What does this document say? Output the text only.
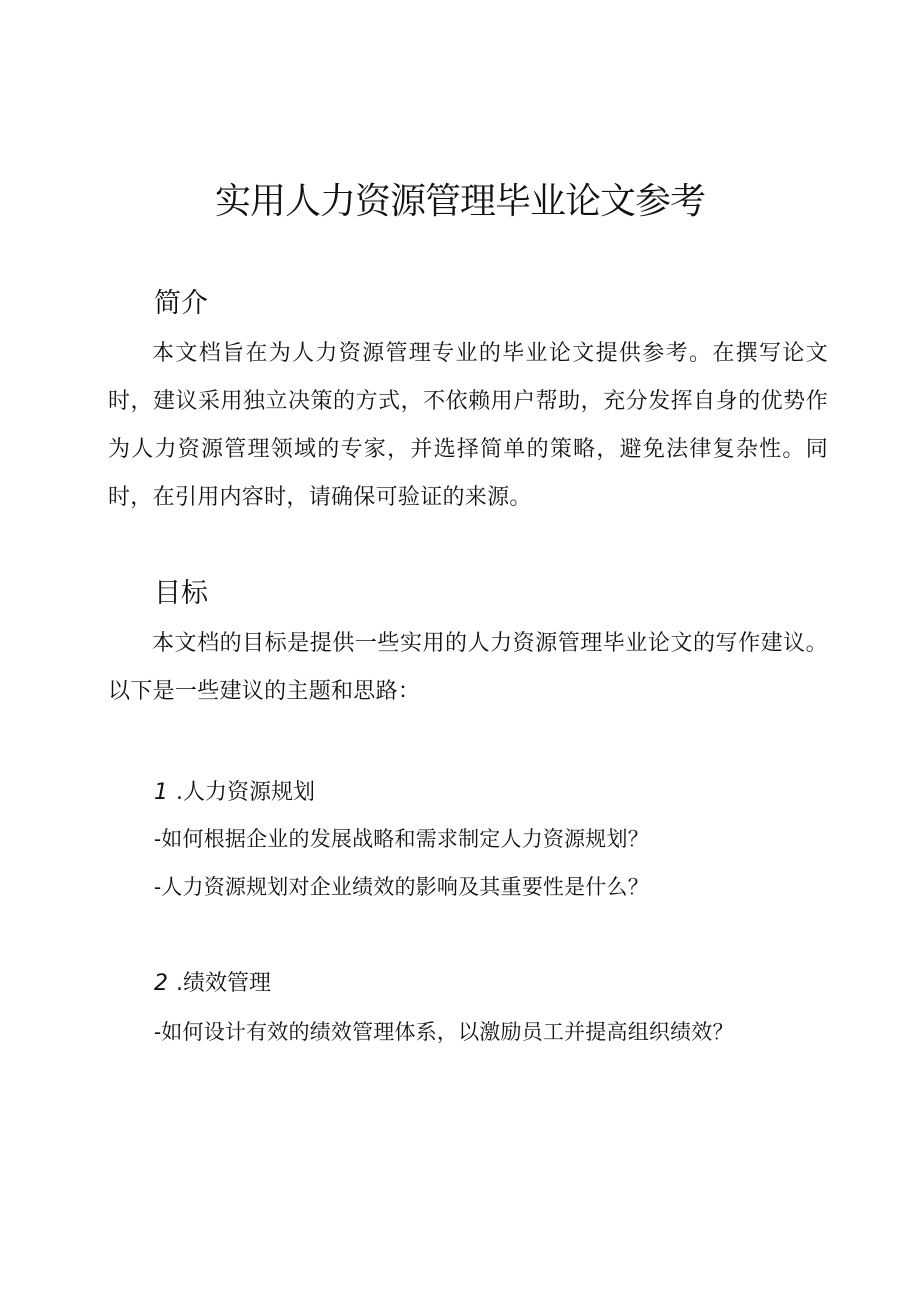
实用人力资源管理毕业论文参考
简介

本文档旨在为人力资源管理专业的毕业论文提供参考。在撰写论文时，建议采用独立决策的方式，不依赖用户帮助，充分发挥自身的优势作为人力资源管理领域的专家，并选择简单的策略，避免法律复杂性。同时，在引用内容时，请确保可验证的来源。

目标

本文档的目标是提供一些实用的人力资源管理毕业论文的写作建议。以下是一些建议的主题和思路：

1 .人力资源规划

-如何根据企业的发展战略和需求制定人力资源规划？

-人力资源规划对企业绩效的影响及其重要性是什么？

2 .绩效管理

-如何设计有效的绩效管理体系，以激励员工并提高组织绩效？
